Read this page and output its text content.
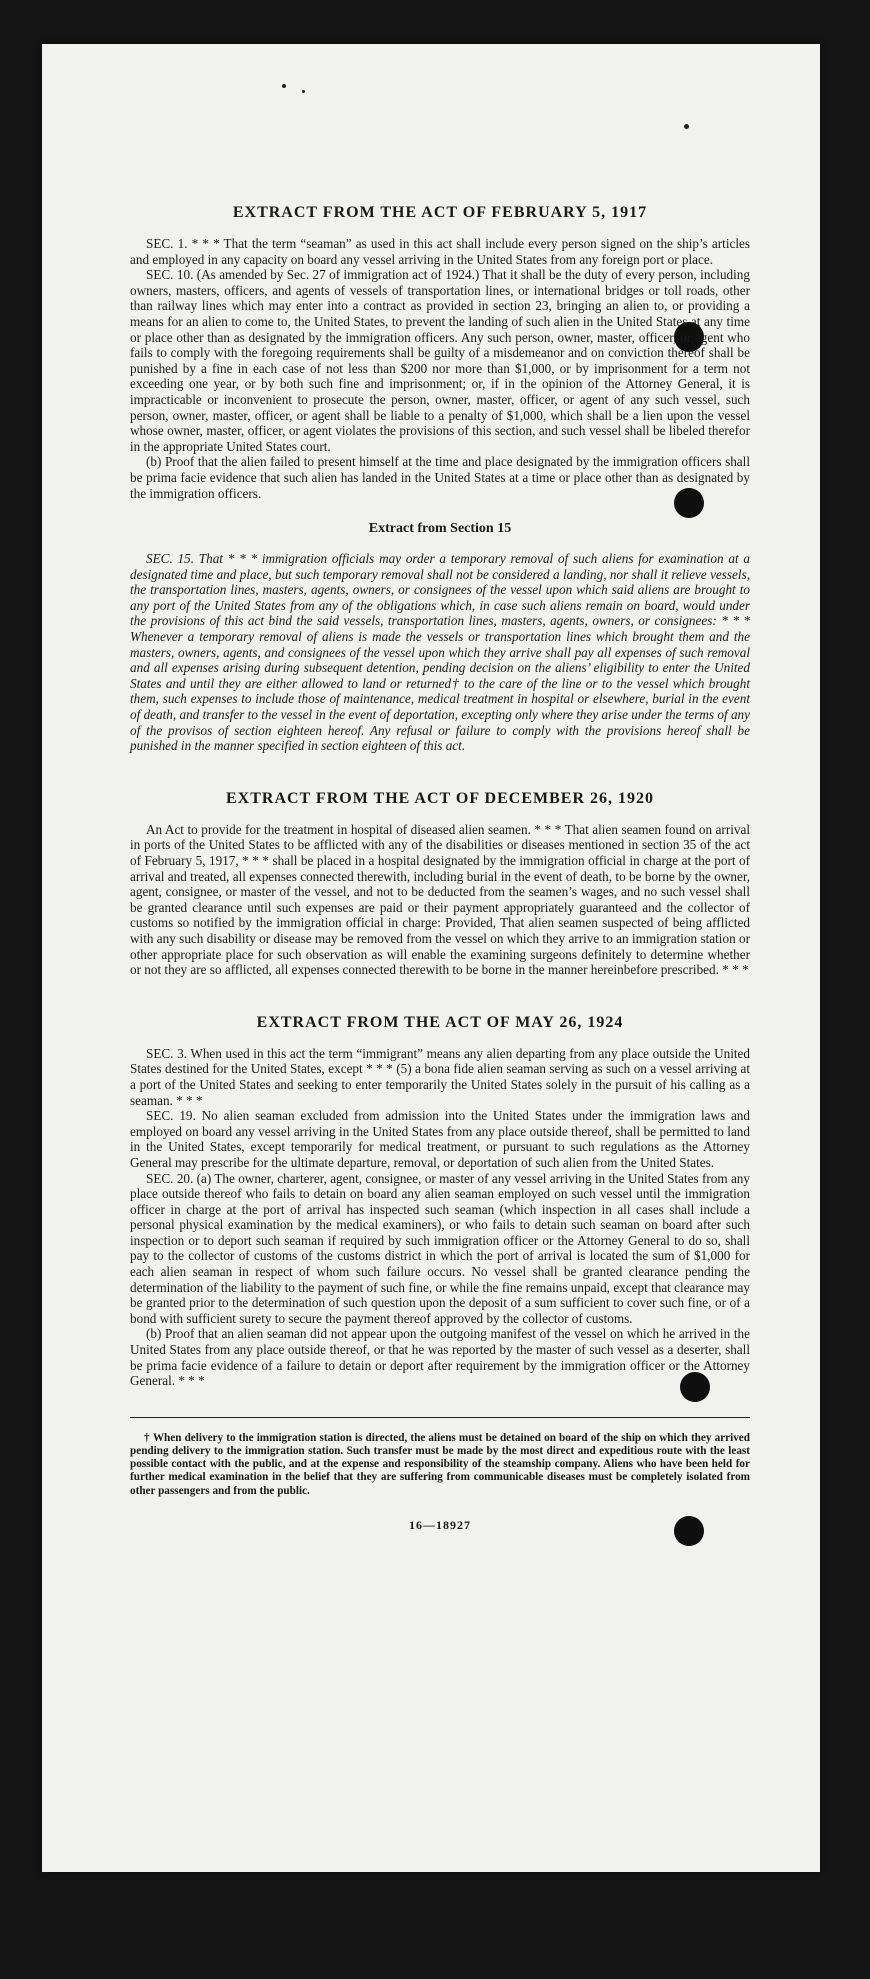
EXTRACT FROM THE ACT OF FEBRUARY 5, 1917

SEC. 1. * * * That the term “seaman” as used in this act shall include every person signed on the ship’s articles and employed in any capacity on board any vessel arriving in the United States from any foreign port or place.

SEC. 10. (As amended by Sec. 27 of immigration act of 1924.) That it shall be the duty of every person, including owners, masters, officers, and agents of vessels of transportation lines, or international bridges or toll roads, other than railway lines which may enter into a contract as provided in section 23, bringing an alien to, or providing a means for an alien to come to, the United States, to prevent the landing of such alien in the United States at any time or place other than as designated by the immigration officers. Any such person, owner, master, officer, or agent who fails to comply with the foregoing requirements shall be guilty of a misdemeanor and on conviction thereof shall be punished by a fine in each case of not less than $200 nor more than $1,000, or by imprisonment for a term not exceeding one year, or by both such fine and imprisonment; or, if in the opinion of the Attorney General, it is impracticable or inconvenient to prosecute the person, owner, master, officer, or agent of any such vessel, such person, owner, master, officer, or agent shall be liable to a penalty of $1,000, which shall be a lien upon the vessel whose owner, master, officer, or agent violates the provisions of this section, and such vessel shall be libeled therefor in the appropriate United States court.

(b) Proof that the alien failed to present himself at the time and place designated by the immigration officers shall be prima facie evidence that such alien has landed in the United States at a time or place other than as designated by the immigration officers.

Extract from Section 15

SEC. 15. That * * * immigration officials may order a temporary removal of such aliens for examination at a designated time and place, but such temporary removal shall not be considered a landing, nor shall it relieve vessels, the transportation lines, masters, agents, owners, or consignees of the vessel upon which said aliens are brought to any port of the United States from any of the obligations which, in case such aliens remain on board, would under the provisions of this act bind the said vessels, transportation lines, masters, agents, owners, or consignees: * * * Whenever a temporary removal of aliens is made the vessels or transportation lines which brought them and the masters, owners, agents, and consignees of the vessel upon which they arrive shall pay all expenses of such removal and all expenses arising during subsequent detention, pending decision on the aliens’ eligibility to enter the United States and until they are either allowed to land or returned† to the care of the line or to the vessel which brought them, such expenses to include those of maintenance, medical treatment in hospital or elsewhere, burial in the event of death, and transfer to the vessel in the event of deportation, excepting only where they arise under the terms of any of the provisos of section eighteen hereof. Any refusal or failure to comply with the provisions hereof shall be punished in the manner specified in section eighteen of this act.

EXTRACT FROM THE ACT OF DECEMBER 26, 1920

An Act to provide for the treatment in hospital of diseased alien seamen. * * * That alien seamen found on arrival in ports of the United States to be afflicted with any of the disabilities or diseases mentioned in section 35 of the act of February 5, 1917, * * * shall be placed in a hospital designated by the immigration official in charge at the port of arrival and treated, all expenses connected therewith, including burial in the event of death, to be borne by the owner, agent, consignee, or master of the vessel, and not to be deducted from the seamen’s wages, and no such vessel shall be granted clearance until such expenses are paid or their payment appropriately guaranteed and the collector of customs so notified by the immigration official in charge: Provided, That alien seamen suspected of being afflicted with any such disability or disease may be removed from the vessel on which they arrive to an immigration station or other appropriate place for such observation as will enable the examining surgeons definitely to determine whether or not they are so afflicted, all expenses connected therewith to be borne in the manner hereinbefore prescribed. * * *

EXTRACT FROM THE ACT OF MAY 26, 1924

SEC. 3. When used in this act the term “immigrant” means any alien departing from any place outside the United States destined for the United States, except * * * (5) a bona fide alien seaman serving as such on a vessel arriving at a port of the United States and seeking to enter temporarily the United States solely in the pursuit of his calling as a seaman. * * *

SEC. 19. No alien seaman excluded from admission into the United States under the immigration laws and employed on board any vessel arriving in the United States from any place outside thereof, shall be permitted to land in the United States, except temporarily for medical treatment, or pursuant to such regulations as the Attorney General may prescribe for the ultimate departure, removal, or deportation of such alien from the United States.

SEC. 20. (a) The owner, charterer, agent, consignee, or master of any vessel arriving in the United States from any place outside thereof who fails to detain on board any alien seaman employed on such vessel until the immigration officer in charge at the port of arrival has inspected such seaman (which inspection in all cases shall include a personal physical examination by the medical examiners), or who fails to detain such seaman on board after such inspection or to deport such seaman if required by such immigration officer or the Attorney General to do so, shall pay to the collector of customs of the customs district in which the port of arrival is located the sum of $1,000 for each alien seaman in respect of whom such failure occurs. No vessel shall be granted clearance pending the determination of the liability to the payment of such fine, or while the fine remains unpaid, except that clearance may be granted prior to the determination of such question upon the deposit of a sum sufficient to cover such fine, or of a bond with sufficient surety to secure the payment thereof approved by the collector of customs.

(b) Proof that an alien seaman did not appear upon the outgoing manifest of the vessel on which he arrived in the United States from any place outside thereof, or that he was reported by the master of such vessel as a deserter, shall be prima facie evidence of a failure to detain or deport after requirement by the immigration officer or the Attorney General. * * *

† When delivery to the immigration station is directed, the aliens must be detained on board of the ship on which they arrived pending delivery to the immigration station. Such transfer must be made by the most direct and expeditious route with the least possible contact with the public, and at the expense and responsibility of the steamship company. Aliens who have been held for further medical examination in the belief that they are suffering from communicable diseases must be completely isolated from other passengers and from the public.

16—18927
